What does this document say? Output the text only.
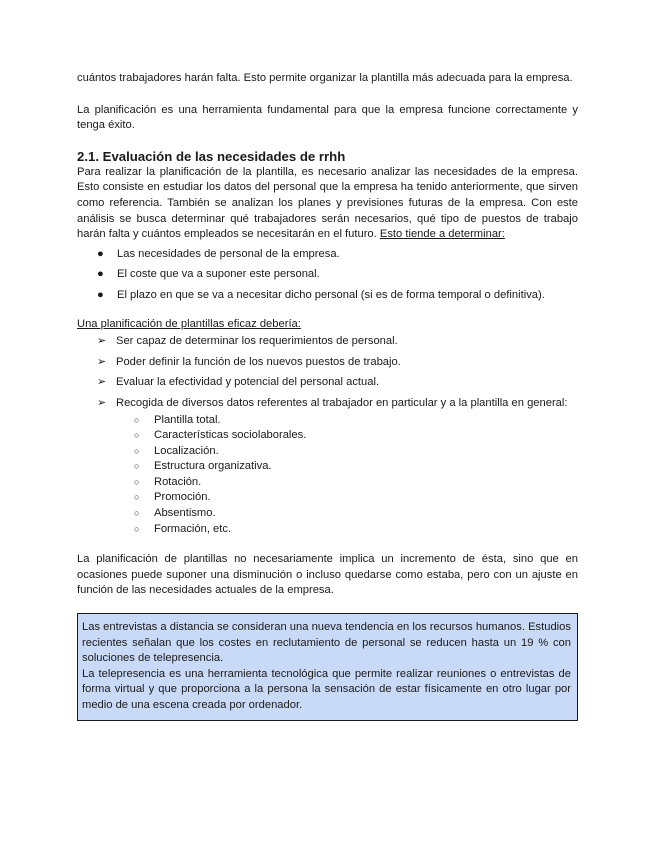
cuántos trabajadores harán falta. Esto permite organizar la plantilla más adecuada para la empresa.

La planificación es una herramienta fundamental para que la empresa funcione correctamente y tenga éxito.

2.1. Evaluación de las necesidades de rrhh

Para realizar la planificación de la plantilla, es necesario analizar las necesidades de la empresa. Esto consiste en estudiar los datos del personal que la empresa ha tenido anteriormente, que sirven como referencia. También se analizan los planes y previsiones futuras de la empresa. Con este análisis se busca determinar qué trabajadores serán necesarios, qué tipo de puestos de trabajo harán falta y cuántos empleados se necesitarán en el futuro. Esto tiende a determinar:

● Las necesidades de personal de la empresa.
● El coste que va a suponer este personal.
● El plazo en que se va a necesitar dicho personal (si es de forma temporal o definitiva).

Una planificación de plantillas eficaz debería:

➢ Ser capaz de determinar los requerimientos de personal.
➢ Poder definir la función de los nuevos puestos de trabajo.
➢ Evaluar la efectividad y potencial del personal actual.
➢ Recogida de diversos datos referentes al trabajador en particular y a la plantilla en general:
○ Plantilla total.
○ Características sociolaborales.
○ Localización.
○ Estructura organizativa.
○ Rotación.
○ Promoción.
○ Absentismo.
○ Formación, etc.

La planificación de plantillas no necesariamente implica un incremento de ésta, sino que en ocasiones puede suponer una disminución o incluso quedarse como estaba, pero con un ajuste en función de las necesidades actuales de la empresa.

Las entrevistas a distancia se consideran una nueva tendencia en los recursos humanos. Estudios recientes señalan que los costes en reclutamiento de personal se reducen hasta un 19 % con soluciones de telepresencia.

La telepresencia es una herramienta tecnológica que permite realizar reuniones o entrevistas de forma virtual y que proporciona a la persona la sensación de estar físicamente en otro lugar por medio de una escena creada por ordenador.
